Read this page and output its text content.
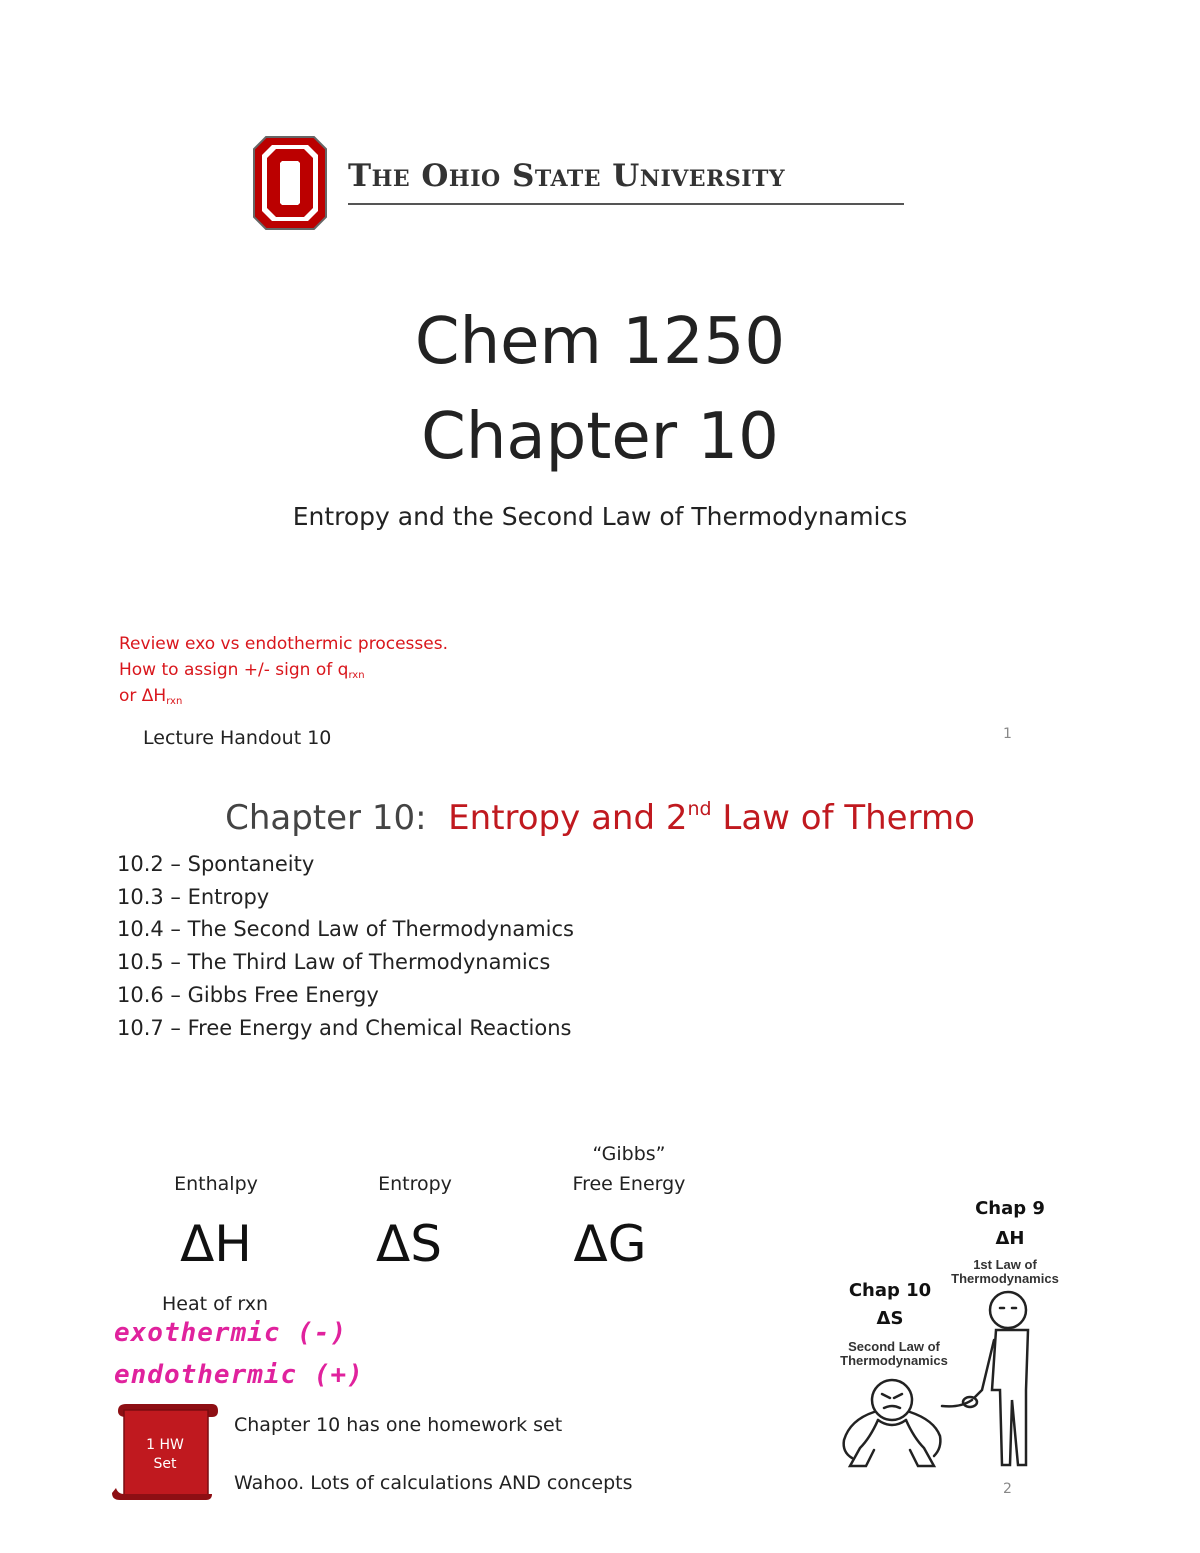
The Ohio State University
Chem 1250
Chapter 10
Entropy and the Second Law of Thermodynamics
Review exo vs endothermic processes.
How to assign +/- sign of $q_{rxn}$
or $\Delta H_{rxn}$
Lecture Handout 10	1
Chapter 10:  Entropy and 2nd Law of Thermo
10.2 – Spontaneity
10.3 – Entropy
10.4 – The Second Law of Thermodynamics
10.5 – The Third Law of Thermodynamics
10.6 – Gibbs Free Energy
10.7 – Free Energy and Chemical Reactions
Enthalpy
ΔH
Entropy
ΔS
“Gibbs”
Free Energy
ΔG
Heat of rxn
exothermic (-)
endothermic (+)
1 HW
Set
Chapter 10 has one homework set
Wahoo. Lots of calculations AND concepts
Chap 9
ΔH
1st Law of
Thermodynamics
Chap 10
ΔS
Second Law of
Thermodynamics
2
